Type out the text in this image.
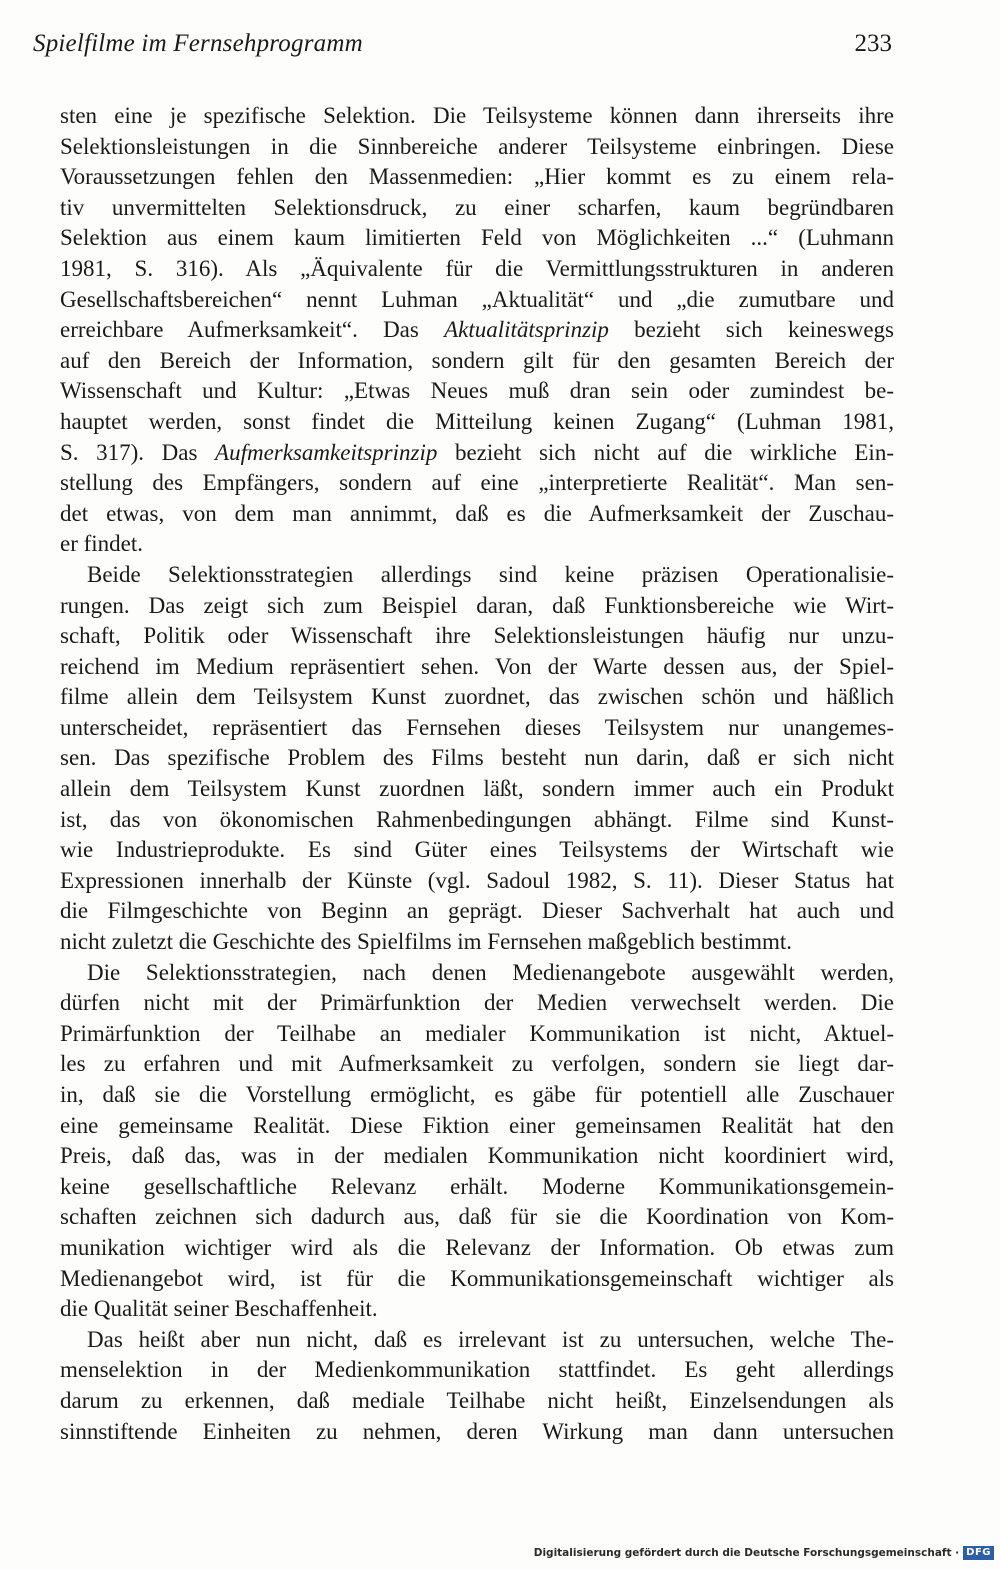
Spielfilme im Fernsehprogramm	233
sten eine je spezifische Selektion. Die Teilsysteme können dann ihrerseits ihre
Selektionsleistungen in die Sinnbereiche anderer Teilsysteme einbringen. Diese
Voraussetzungen fehlen den Massenmedien: „Hier kommt es zu einem rela-
tiv unvermittelten Selektionsdruck, zu einer scharfen, kaum begründbaren
Selektion aus einem kaum limitierten Feld von Möglichkeiten ...“ (Luhmann
1981, S. 316). Als „Äquivalente für die Vermittlungsstrukturen in anderen
Gesellschaftsbereichen“ nennt Luhman „Aktualität“ und „die zumutbare und
erreichbare Aufmerksamkeit“. Das Aktualitätsprinzip bezieht sich keineswegs
auf den Bereich der Information, sondern gilt für den gesamten Bereich der
Wissenschaft und Kultur: „Etwas Neues muß dran sein oder zumindest be-
hauptet werden, sonst findet die Mitteilung keinen Zugang“ (Luhman 1981,
S. 317). Das Aufmerksamkeitsprinzip bezieht sich nicht auf die wirkliche Ein-
stellung des Empfängers, sondern auf eine „interpretierte Realität“. Man sen-
det etwas, von dem man annimmt, daß es die Aufmerksamkeit der Zuschau-
er findet.
Beide Selektionsstrategien allerdings sind keine präzisen Operationalisie-
rungen. Das zeigt sich zum Beispiel daran, daß Funktionsbereiche wie Wirt-
schaft, Politik oder Wissenschaft ihre Selektionsleistungen häufig nur unzu-
reichend im Medium repräsentiert sehen. Von der Warte dessen aus, der Spiel-
filme allein dem Teilsystem Kunst zuordnet, das zwischen schön und häßlich
unterscheidet, repräsentiert das Fernsehen dieses Teilsystem nur unangemes-
sen. Das spezifische Problem des Films besteht nun darin, daß er sich nicht
allein dem Teilsystem Kunst zuordnen läßt, sondern immer auch ein Produkt
ist, das von ökonomischen Rahmenbedingungen abhängt. Filme sind Kunst-
wie Industrieprodukte. Es sind Güter eines Teilsystems der Wirtschaft wie
Expressionen innerhalb der Künste (vgl. Sadoul 1982, S. 11). Dieser Status hat
die Filmgeschichte von Beginn an geprägt. Dieser Sachverhalt hat auch und
nicht zuletzt die Geschichte des Spielfilms im Fernsehen maßgeblich bestimmt.
Die Selektionsstrategien, nach denen Medienangebote ausgewählt werden,
dürfen nicht mit der Primärfunktion der Medien verwechselt werden. Die
Primärfunktion der Teilhabe an medialer Kommunikation ist nicht, Aktuel-
les zu erfahren und mit Aufmerksamkeit zu verfolgen, sondern sie liegt dar-
in, daß sie die Vorstellung ermöglicht, es gäbe für potentiell alle Zuschauer
eine gemeinsame Realität. Diese Fiktion einer gemeinsamen Realität hat den
Preis, daß das, was in der medialen Kommunikation nicht koordiniert wird,
keine gesellschaftliche Relevanz erhält. Moderne Kommunikationsgemein-
schaften zeichnen sich dadurch aus, daß für sie die Koordination von Kom-
munikation wichtiger wird als die Relevanz der Information. Ob etwas zum
Medienangebot wird, ist für die Kommunikationsgemeinschaft wichtiger als
die Qualität seiner Beschaffenheit.
Das heißt aber nun nicht, daß es irrelevant ist zu untersuchen, welche The-
menselektion in der Medienkommunikation stattfindet. Es geht allerdings
darum zu erkennen, daß mediale Teilhabe nicht heißt, Einzelsendungen als
sinnstiftende Einheiten zu nehmen, deren Wirkung man dann untersuchen
Digitalisierung gefördert durch die Deutsche Forschungsgemeinschaft · DFG
